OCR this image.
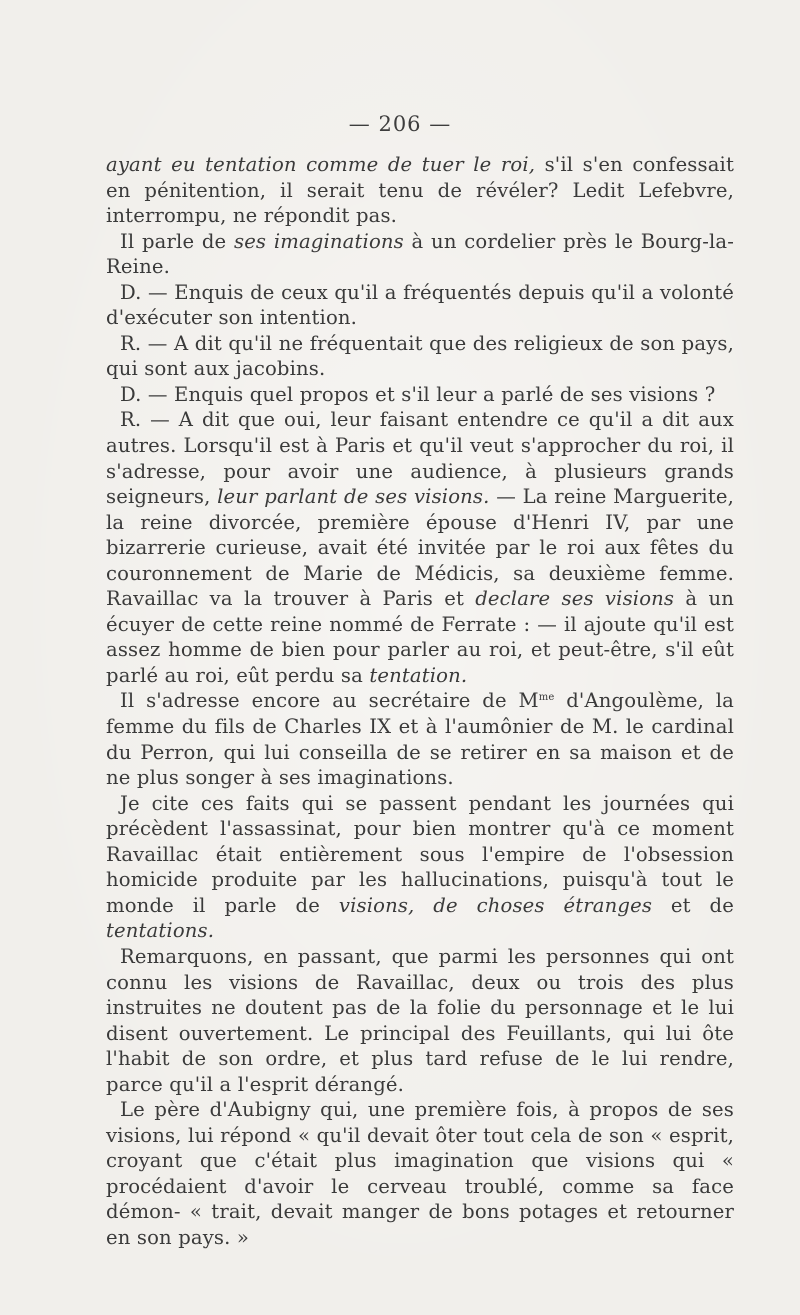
— 206 —

ayant eu tentation comme de tuer le roi, s'il s'en confessait en pénitention, il serait tenu de révéler? Ledit Lefebvre, interrompu, ne répondit pas.

Il parle de ses imaginations à un cordelier près le Bourg-la-Reine.

D. — Enquis de ceux qu'il a fréquentés depuis qu'il a volonté d'exécuter son intention.

R. — A dit qu'il ne fréquentait que des religieux de son pays, qui sont aux jacobins.

D. — Enquis quel propos et s'il leur a parlé de ses visions ?

R. — A dit que oui, leur faisant entendre ce qu'il a dit aux autres. Lorsqu'il est à Paris et qu'il veut s'approcher du roi, il s'adresse, pour avoir une audience, à plusieurs grands seigneurs, leur parlant de ses visions. — La reine Marguerite, la reine divorcée, première épouse d'Henri IV, par une bizarrerie curieuse, avait été invitée par le roi aux fêtes du couronnement de Marie de Médicis, sa deuxième femme. Ravaillac va la trouver à Paris et declare ses visions à un écuyer de cette reine nommé de Ferrate : — il ajoute qu'il est assez homme de bien pour parler au roi, et peut-être, s'il eût parlé au roi, eût perdu sa tentation.

Il s'adresse encore au secrétaire de $M^{me}$ d'Angoulème, la femme du fils de Charles IX et à l'aumônier de M. le cardinal du Perron, qui lui conseilla de se retirer en sa maison et de ne plus songer à ses imaginations.

Je cite ces faits qui se passent pendant les journées qui précèdent l'assassinat, pour bien montrer qu'à ce moment Ravaillac était entièrement sous l'empire de l'obsession homicide produite par les hallucinations, puisqu'à tout le monde il parle de visions, de choses étranges et de tentations.

Remarquons, en passant, que parmi les personnes qui ont connu les visions de Ravaillac, deux ou trois des plus instruites ne doutent pas de la folie du personnage et le lui disent ouvertement. Le principal des Feuillants, qui lui ôte l'habit de son ordre, et plus tard refuse de le lui rendre, parce qu'il a l'esprit dérangé.

Le père d'Aubigny qui, une première fois, à propos de ses visions, lui répond « qu'il devait ôter tout cela de son « esprit, croyant que c'était plus imagination que visions qui « procédaient d'avoir le cerveau troublé, comme sa face démon- « trait, devait manger de bons potages et retourner en son pays. »
